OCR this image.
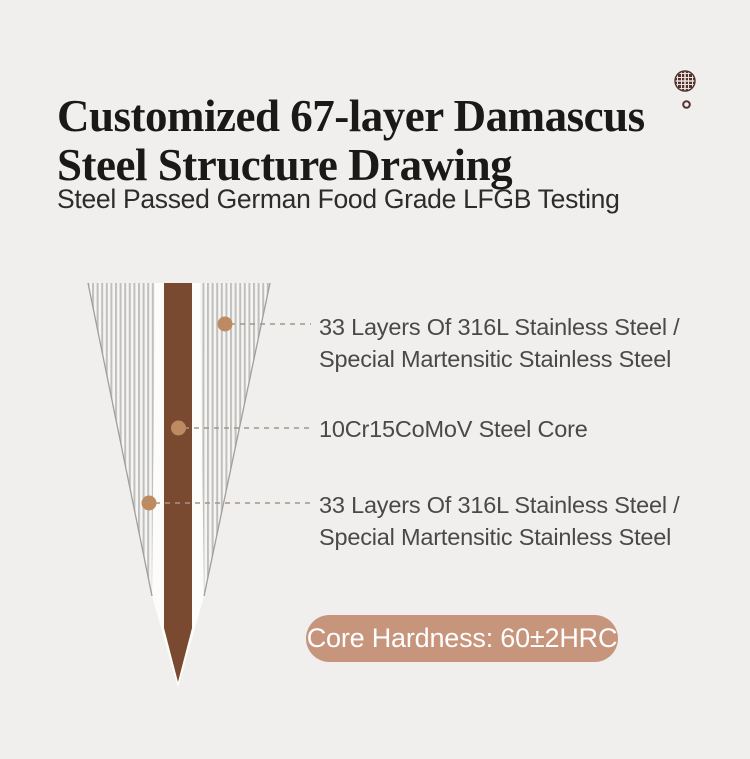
Customized 67-layer Damascus
Steel Structure Drawing
Steel Passed German Food Grade LFGB Testing
33 Layers Of 316L Stainless Steel /
Special Martensitic Stainless Steel
10Cr15CoMoV Steel Core
33 Layers Of 316L Stainless Steel /
Special Martensitic Stainless Steel
Core Hardness: 60±2HRC
